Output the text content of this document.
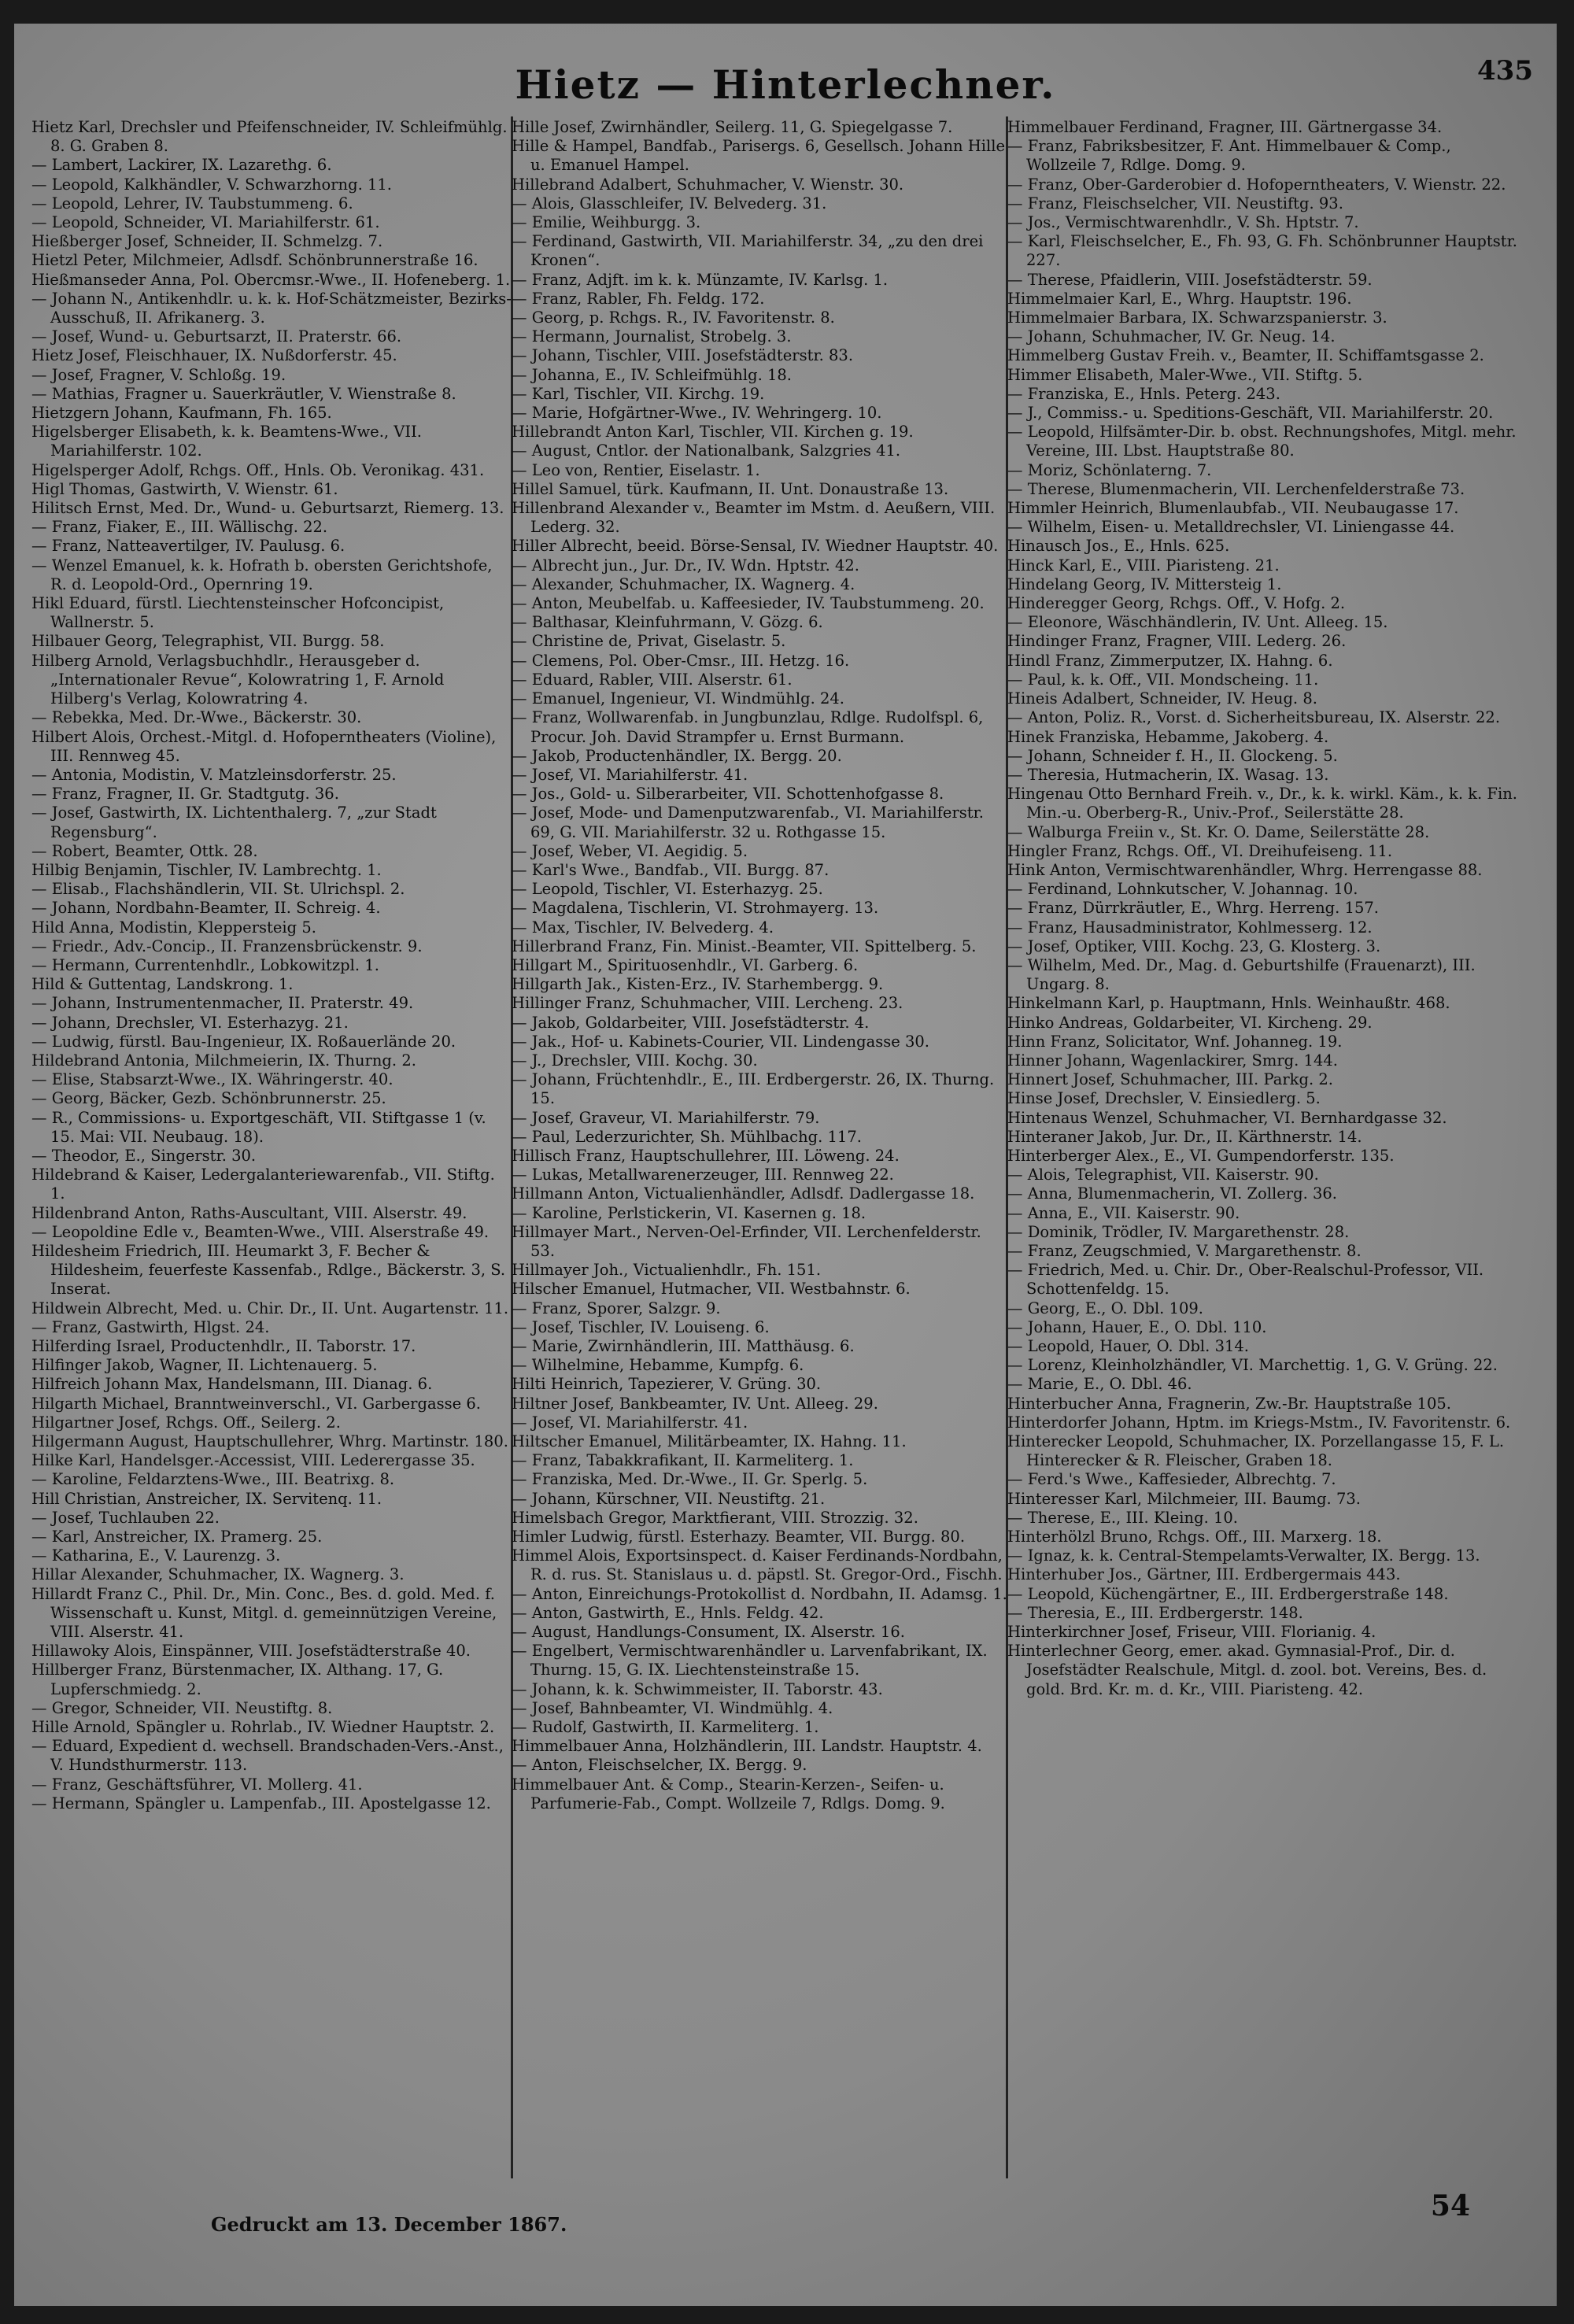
Hietz — Hinterlechner.	435

Hietz Karl, Drechsler und Pfeifenschneider, IV. Schleifmühlg. 8. G. Graben 8.

— Lambert, Lackirer, IX. Lazarethg. 6.

— Leopold, Kalkhändler, V. Schwarzhorng. 11.

— Leopold, Lehrer, IV. Taubstummeng. 6.

— Leopold, Schneider, VI. Mariahilferstr. 61.

Hießberger Josef, Schneider, II. Schmelzg. 7.

Hietzl Peter, Milchmeier, Adlsdf. Schönbrunnerstraße 16.

Hießmanseder Anna, Pol. Obercmsr.-Wwe., II. Hofeneberg. 1.

— Johann N., Antikenhdlr. u. k. k. Hof-Schätzmeister, Bezirks-Ausschuß, II. Afrikanerg. 3.

— Josef, Wund- u. Geburtsarzt, II. Praterstr. 66.

Hietz Josef, Fleischhauer, IX. Nußdorferstr. 45.

— Josef, Fragner, V. Schloßg. 19.

— Mathias, Fragner u. Sauerkräutler, V. Wienstraße 8.

Hietzgern Johann, Kaufmann, Fh. 165.

Higelsberger Elisabeth, k. k. Beamtens-Wwe., VII. Mariahilferstr. 102.

Higelsperger Adolf, Rchgs. Off., Hnls. Ob. Veronikag. 431.

Higl Thomas, Gastwirth, V. Wienstr. 61.

Hilitsch Ernst, Med. Dr., Wund- u. Geburtsarzt, Riemerg. 13.

— Franz, Fiaker, E., III. Wällischg. 22.

— Franz, Natteavertilger, IV. Paulusg. 6.

— Wenzel Emanuel, k. k. Hofrath b. obersten Gerichtshofe, R. d. Leopold-Ord., Opernring 19.

Hikl Eduard, fürstl. Liechtensteinscher Hofconcipist, Wallnerstr. 5.

Hilbauer Georg, Telegraphist, VII. Burgg. 58.

Hilberg Arnold, Verlagsbuchhdlr., Herausgeber d. „Internationaler Revue“, Kolowratring 1, F. Arnold Hilberg's Verlag, Kolowratring 4.

— Rebekka, Med. Dr.-Wwe., Bäckerstr. 30.

Hilbert Alois, Orchest.-Mitgl. d. Hofoperntheaters (Violine), III. Rennweg 45.

— Antonia, Modistin, V. Matzleinsdorferstr. 25.

— Franz, Fragner, II. Gr. Stadtgutg. 36.

— Josef, Gastwirth, IX. Lichtenthalerg. 7, „zur Stadt Regensburg“.

— Robert, Beamter, Ottk. 28.

Hilbig Benjamin, Tischler, IV. Lambrechtg. 1.

— Elisab., Flachshändlerin, VII. St. Ulrichspl. 2.

— Johann, Nordbahn-Beamter, II. Schreig. 4.

Hild Anna, Modistin, Kleppersteig 5.

— Friedr., Adv.-Concip., II. Franzensbrückenstr. 9.

— Hermann, Currentenhdlr., Lobkowitzpl. 1.

Hild & Guttentag, Landskrong. 1.

— Johann, Instrumentenmacher, II. Praterstr. 49.

— Johann, Drechsler, VI. Esterhazyg. 21.

— Ludwig, fürstl. Bau-Ingenieur, IX. Roßauerlände 20.

Hildebrand Antonia, Milchmeierin, IX. Thurng. 2.

— Elise, Stabsarzt-Wwe., IX. Währingerstr. 40.

— Georg, Bäcker, Gezb. Schönbrunnerstr. 25.

— R., Commissions- u. Exportgeschäft, VII. Stiftgasse 1 (v. 15. Mai: VII. Neubaug. 18).

— Theodor, E., Singerstr. 30.

Hildebrand & Kaiser, Ledergalanteriewarenfab., VII. Stiftg. 1.

Hildenbrand Anton, Raths-Auscultant, VIII. Alserstr. 49.

— Leopoldine Edle v., Beamten-Wwe., VIII. Alserstraße 49.

Hildesheim Friedrich, III. Heumarkt 3, F. Becher & Hildesheim, feuerfeste Kassenfab., Rdlge., Bäckerstr. 3, S. Inserat.

Hildwein Albrecht, Med. u. Chir. Dr., II. Unt. Augartenstr. 11.

— Franz, Gastwirth, Hlgst. 24.

Hilferding Israel, Productenhdlr., II. Taborstr. 17.

Hilfinger Jakob, Wagner, II. Lichtenauerg. 5.

Hilfreich Johann Max, Handelsmann, III. Dianag. 6.

Hilgarth Michael, Branntweinverschl., VI. Garbergasse 6.

Hilgartner Josef, Rchgs. Off., Seilerg. 2.

Hilgermann August, Hauptschullehrer, Whrg. Martinstr. 180.

Hilke Karl, Handelsger.-Accessist, VIII. Lederergasse 35.

— Karoline, Feldarztens-Wwe., III. Beatrixg. 8.

Hill Christian, Anstreicher, IX. Servitenq. 11.

— Josef, Tuchlauben 22.

— Karl, Anstreicher, IX. Pramerg. 25.

— Katharina, E., V. Laurenzg. 3.

Hillar Alexander, Schuhmacher, IX. Wagnerg. 3.

Hillardt Franz C., Phil. Dr., Min. Conc., Bes. d. gold. Med. f. Wissenschaft u. Kunst, Mitgl. d. gemeinnützigen Vereine, VIII. Alserstr. 41.

Hillawoky Alois, Einspänner, VIII. Josefstädterstraße 40.

Hillberger Franz, Bürstenmacher, IX. Althang. 17, G. Lupferschmiedg. 2.

— Gregor, Schneider, VII. Neustiftg. 8.

Hille Arnold, Spängler u. Rohrlab., IV. Wiedner Hauptstr. 2.

— Eduard, Expedient d. wechsell. Brandschaden-Vers.-Anst., V. Hundsthurmerstr. 113.

— Franz, Geschäftsführer, VI. Mollerg. 41.

— Hermann, Spängler u. Lampenfab., III. Apostelgasse 12.

Hille Josef, Zwirnhändler, Seilerg. 11, G. Spiegelgasse 7.

Hille & Hampel, Bandfab., Parisergs. 6, Gesellsch. Johann Hille u. Emanuel Hampel.

Hillebrand Adalbert, Schuhmacher, V. Wienstr. 30.

— Alois, Glasschleifer, IV. Belvederg. 31.

— Emilie, Weihburgg. 3.

— Ferdinand, Gastwirth, VII. Mariahilferstr. 34, „zu den drei Kronen“.

— Franz, Adjft. im k. k. Münzamte, IV. Karlsg. 1.

— Franz, Rabler, Fh. Feldg. 172.

— Georg, p. Rchgs. R., IV. Favoritenstr. 8.

— Hermann, Journalist, Strobelg. 3.

— Johann, Tischler, VIII. Josefstädterstr. 83.

— Johanna, E., IV. Schleifmühlg. 18.

— Karl, Tischler, VII. Kirchg. 19.

— Marie, Hofgärtner-Wwe., IV. Wehringerg. 10.

Hillebrandt Anton Karl, Tischler, VII. Kirchen g. 19.

— August, Cntlor. der Nationalbank, Salzgries 41.

— Leo von, Rentier, Eiselastr. 1.

Hillel Samuel, türk. Kaufmann, II. Unt. Donaustraße 13.

Hillenbrand Alexander v., Beamter im Mstm. d. Aeußern, VIII. Lederg. 32.

Hiller Albrecht, beeid. Börse-Sensal, IV. Wiedner Hauptstr. 40.

— Albrecht jun., Jur. Dr., IV. Wdn. Hptstr. 42.

— Alexander, Schuhmacher, IX. Wagnerg. 4.

— Anton, Meubelfab. u. Kaffeesieder, IV. Taubstummeng. 20.

— Balthasar, Kleinfuhrmann, V. Gözg. 6.

— Christine de, Privat, Giselastr. 5.

— Clemens, Pol. Ober-Cmsr., III. Hetzg. 16.

— Eduard, Rabler, VIII. Alserstr. 61.

— Emanuel, Ingenieur, VI. Windmühlg. 24.

— Franz, Wollwarenfab. in Jungbunzlau, Rdlge. Rudolfspl. 6, Procur. Joh. David Strampfer u. Ernst Burmann.

— Jakob, Productenhändler, IX. Bergg. 20.

— Josef, VI. Mariahilferstr. 41.

— Jos., Gold- u. Silberarbeiter, VII. Schottenhofgasse 8.

— Josef, Mode- und Damenputzwarenfab., VI. Mariahilferstr. 69, G. VII. Mariahilferstr. 32 u. Rothgasse 15.

— Josef, Weber, VI. Aegidig. 5.

— Karl's Wwe., Bandfab., VII. Burgg. 87.

— Leopold, Tischler, VI. Esterhazyg. 25.

— Magdalena, Tischlerin, VI. Strohmayerg. 13.

— Max, Tischler, IV. Belvederg. 4.

Hillerbrand Franz, Fin. Minist.-Beamter, VII. Spittelberg. 5.

Hillgart M., Spirituosenhdlr., VI. Garberg. 6.

Hillgarth Jak., Kisten-Erz., IV. Starhembergg. 9.

Hillinger Franz, Schuhmacher, VIII. Lercheng. 23.

— Jakob, Goldarbeiter, VIII. Josefstädterstr. 4.

— Jak., Hof- u. Kabinets-Courier, VII. Lindengasse 30.

— J., Drechsler, VIII. Kochg. 30.

— Johann, Früchtenhdlr., E., III. Erdbergerstr. 26, IX. Thurng. 15.

— Josef, Graveur, VI. Mariahilferstr. 79.

— Paul, Lederzurichter, Sh. Mühlbachg. 117.

Hillisch Franz, Hauptschullehrer, III. Löweng. 24.

— Lukas, Metallwarenerzeuger, III. Rennweg 22.

Hillmann Anton, Victualienhändler, Adlsdf. Dadlergasse 18.

— Karoline, Perlstickerin, VI. Kasernen g. 18.

Hillmayer Mart., Nerven-Oel-Erfinder, VII. Lerchenfelderstr. 53.

Hillmayer Joh., Victualienhdlr., Fh. 151.

Hilscher Emanuel, Hutmacher, VII. Westbahnstr. 6.

— Franz, Sporer, Salzgr. 9.

— Josef, Tischler, IV. Louiseng. 6.

— Marie, Zwirnhändlerin, III. Matthäusg. 6.

— Wilhelmine, Hebamme, Kumpfg. 6.

Hilti Heinrich, Tapezierer, V. Grüng. 30.

Hiltner Josef, Bankbeamter, IV. Unt. Alleeg. 29.

— Josef, VI. Mariahilferstr. 41.

Hiltscher Emanuel, Militärbeamter, IX. Hahng. 11.

— Franz, Tabakkrafikant, II. Karmeliterg. 1.

— Franziska, Med. Dr.-Wwe., II. Gr. Sperlg. 5.

— Johann, Kürschner, VII. Neustiftg. 21.

Himelsbach Gregor, Marktfierant, VIII. Strozzig. 32.

Himler Ludwig, fürstl. Esterhazy. Beamter, VII. Burgg. 80.

Himmel Alois, Exportsinspect. d. Kaiser Ferdinands-Nordbahn, R. d. rus. St. Stanislaus u. d. päpstl. St. Gregor-Ord., Fischh.

— Anton, Einreichungs-Protokollist d. Nordbahn, II. Adamsg. 1.

— Anton, Gastwirth, E., Hnls. Feldg. 42.

— August, Handlungs-Consument, IX. Alserstr. 16.

— Engelbert, Vermischtwarenhändler u. Larvenfabrikant, IX. Thurng. 15, G. IX. Liechtensteinstraße 15.

— Johann, k. k. Schwimmeister, II. Taborstr. 43.

— Josef, Bahnbeamter, VI. Windmühlg. 4.

— Rudolf, Gastwirth, II. Karmeliterg. 1.

Himmelbauer Anna, Holzhändlerin, III. Landstr. Hauptstr. 4.

— Anton, Fleischselcher, IX. Bergg. 9.

Himmelbauer Ant. & Comp., Stearin-Kerzen-, Seifen- u. Parfumerie-Fab., Compt. Wollzeile 7, Rdlgs. Domg. 9.

Himmelbauer Ferdinand, Fragner, III. Gärtnergasse 34.

— Franz, Fabriksbesitzer, F. Ant. Himmelbauer & Comp., Wollzeile 7, Rdlge. Domg. 9.

— Franz, Ober-Garderobier d. Hofoperntheaters, V. Wienstr. 22.

— Franz, Fleischselcher, VII. Neustiftg. 93.

— Jos., Vermischtwarenhdlr., V. Sh. Hptstr. 7.

— Karl, Fleischselcher, E., Fh. 93, G. Fh. Schönbrunner Hauptstr. 227.

— Therese, Pfaidlerin, VIII. Josefstädterstr. 59.

Himmelmaier Karl, E., Whrg. Hauptstr. 196.

Himmelmaier Barbara, IX. Schwarzspanierstr. 3.

— Johann, Schuhmacher, IV. Gr. Neug. 14.

Himmelberg Gustav Freih. v., Beamter, II. Schiffamtsgasse 2.

Himmer Elisabeth, Maler-Wwe., VII. Stiftg. 5.

— Franziska, E., Hnls. Peterg. 243.

— J., Commiss.- u. Speditions-Geschäft, VII. Mariahilferstr. 20.

— Leopold, Hilfsämter-Dir. b. obst. Rechnungshofes, Mitgl. mehr. Vereine, III. Lbst. Hauptstraße 80.

— Moriz, Schönlaterng. 7.

— Therese, Blumenmacherin, VII. Lerchenfelderstraße 73.

Himmler Heinrich, Blumenlaubfab., VII. Neubaugasse 17.

— Wilhelm, Eisen- u. Metalldrechsler, VI. Liniengasse 44.

Hinausch Jos., E., Hnls. 625.

Hinck Karl, E., VIII. Piaristeng. 21.

Hindelang Georg, IV. Mittersteig 1.

Hinderegger Georg, Rchgs. Off., V. Hofg. 2.

— Eleonore, Wäschhändlerin, IV. Unt. Alleeg. 15.

Hindinger Franz, Fragner, VIII. Lederg. 26.

Hindl Franz, Zimmerputzer, IX. Hahng. 6.

— Paul, k. k. Off., VII. Mondscheing. 11.

Hineis Adalbert, Schneider, IV. Heug. 8.

— Anton, Poliz. R., Vorst. d. Sicherheitsbureau, IX. Alserstr. 22.

Hinek Franziska, Hebamme, Jakoberg. 4.

— Johann, Schneider f. H., II. Glockeng. 5.

— Theresia, Hutmacherin, IX. Wasag. 13.

Hingenau Otto Bernhard Freih. v., Dr., k. k. wirkl. Käm., k. k. Fin. Min.-u. Oberberg-R., Univ.-Prof., Seilerstätte 28.

— Walburga Freiin v., St. Kr. O. Dame, Seilerstätte 28.

Hingler Franz, Rchgs. Off., VI. Dreihufeiseng. 11.

Hink Anton, Vermischtwarenhändler, Whrg. Herrengasse 88.

— Ferdinand, Lohnkutscher, V. Johannag. 10.

— Franz, Dürrkräutler, E., Whrg. Herreng. 157.

— Franz, Hausadministrator, Kohlmesserg. 12.

— Josef, Optiker, VIII. Kochg. 23, G. Klosterg. 3.

— Wilhelm, Med. Dr., Mag. d. Geburtshilfe (Frauenarzt), III. Ungarg. 8.

Hinkelmann Karl, p. Hauptmann, Hnls. Weinhaußtr. 468.

Hinko Andreas, Goldarbeiter, VI. Kircheng. 29.

Hinn Franz, Solicitator, Wnf. Johanneg. 19.

Hinner Johann, Wagenlackirer, Smrg. 144.

Hinnert Josef, Schuhmacher, III. Parkg. 2.

Hinse Josef, Drechsler, V. Einsiedlerg. 5.

Hintenaus Wenzel, Schuhmacher, VI. Bernhardgasse 32.

Hinteraner Jakob, Jur. Dr., II. Kärthnerstr. 14.

Hinterberger Alex., E., VI. Gumpendorferstr. 135.

— Alois, Telegraphist, VII. Kaiserstr. 90.

— Anna, Blumenmacherin, VI. Zollerg. 36.

— Anna, E., VII. Kaiserstr. 90.

— Dominik, Trödler, IV. Margarethenstr. 28.

— Franz, Zeugschmied, V. Margarethenstr. 8.

— Friedrich, Med. u. Chir. Dr., Ober-Realschul-Professor, VII. Schottenfeldg. 15.

— Georg, E., O. Dbl. 109.

— Johann, Hauer, E., O. Dbl. 110.

— Leopold, Hauer, O. Dbl. 314.

— Lorenz, Kleinholzhändler, VI. Marchettig. 1, G. V. Grüng. 22.

— Marie, E., O. Dbl. 46.

Hinterbucher Anna, Fragnerin, Zw.-Br. Hauptstraße 105.

Hinterdorfer Johann, Hptm. im Kriegs-Mstm., IV. Favoritenstr. 6.

Hinterecker Leopold, Schuhmacher, IX. Porzellangasse 15, F. L. Hinterecker & R. Fleischer, Graben 18.

— Ferd.'s Wwe., Kaffesieder, Albrechtg. 7.

Hinteresser Karl, Milchmeier, III. Baumg. 73.

— Therese, E., III. Kleing. 10.

Hinterhölzl Bruno, Rchgs. Off., III. Marxerg. 18.

— Ignaz, k. k. Central-Stempelamts-Verwalter, IX. Bergg. 13.

Hinterhuber Jos., Gärtner, III. Erdbergermais 443.

— Leopold, Küchengärtner, E., III. Erdbergerstraße 148.

— Theresia, E., III. Erdbergerstr. 148.

Hinterkirchner Josef, Friseur, VIII. Florianig. 4.

Hinterlechner Georg, emer. akad. Gymnasial-Prof., Dir. d. Josefstädter Realschule, Mitgl. d. zool. bot. Vereins, Bes. d. gold. Brd. Kr. m. d. Kr., VIII. Piaristeng. 42.

Gedruckt am 13. December 1867.
54
